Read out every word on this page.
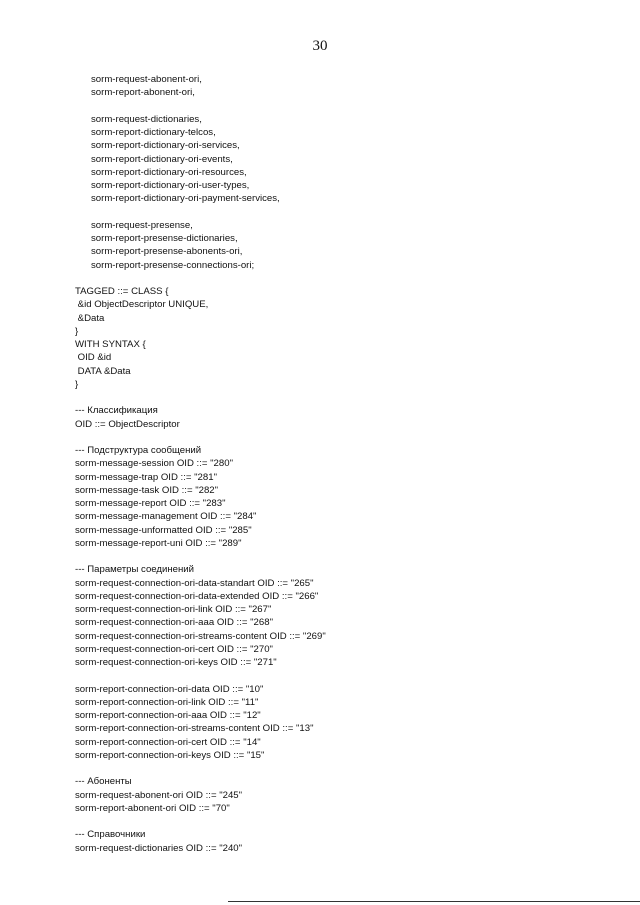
30
sorm-request-abonent-ori,
sorm-report-abonent-ori,
sorm-request-dictionaries,
sorm-report-dictionary-telcos,
sorm-report-dictionary-ori-services,
sorm-report-dictionary-ori-events,
sorm-report-dictionary-ori-resources,
sorm-report-dictionary-ori-user-types,
sorm-report-dictionary-ori-payment-services,
sorm-request-presense,
sorm-report-presense-dictionaries,
sorm-report-presense-abonents-ori,
sorm-report-presense-connections-ori;
TAGGED ::= CLASS {
&id ObjectDescriptor UNIQUE,
&Data
}
WITH SYNTAX {
OID &id
DATA &Data
}
--- Классификация
OID ::= ObjectDescriptor
--- Подструктура сообщений
sorm-message-session OID ::= "280"
sorm-message-trap OID ::= "281"
sorm-message-task OID ::= "282"
sorm-message-report OID ::= "283"
sorm-message-management OID ::= "284"
sorm-message-unformatted OID ::= "285"
sorm-message-report-uni OID ::= "289"
--- Параметры соединений
sorm-request-connection-ori-data-standart OID ::= "265"
sorm-request-connection-ori-data-extended OID ::= "266"
sorm-request-connection-ori-link OID ::= "267"
sorm-request-connection-ori-aaa OID ::= "268"
sorm-request-connection-ori-streams-content OID ::= "269"
sorm-request-connection-ori-cert OID ::= "270"
sorm-request-connection-ori-keys OID ::= "271"
sorm-report-connection-ori-data OID ::= "10"
sorm-report-connection-ori-link OID ::= "11"
sorm-report-connection-ori-aaa OID ::= "12"
sorm-report-connection-ori-streams-content OID ::= "13"
sorm-report-connection-ori-cert OID ::= "14"
sorm-report-connection-ori-keys OID ::= "15"
--- Абоненты
sorm-request-abonent-ori OID ::= "245"
sorm-report-abonent-ori OID ::= "70"
--- Справочники
sorm-request-dictionaries OID ::= "240"
